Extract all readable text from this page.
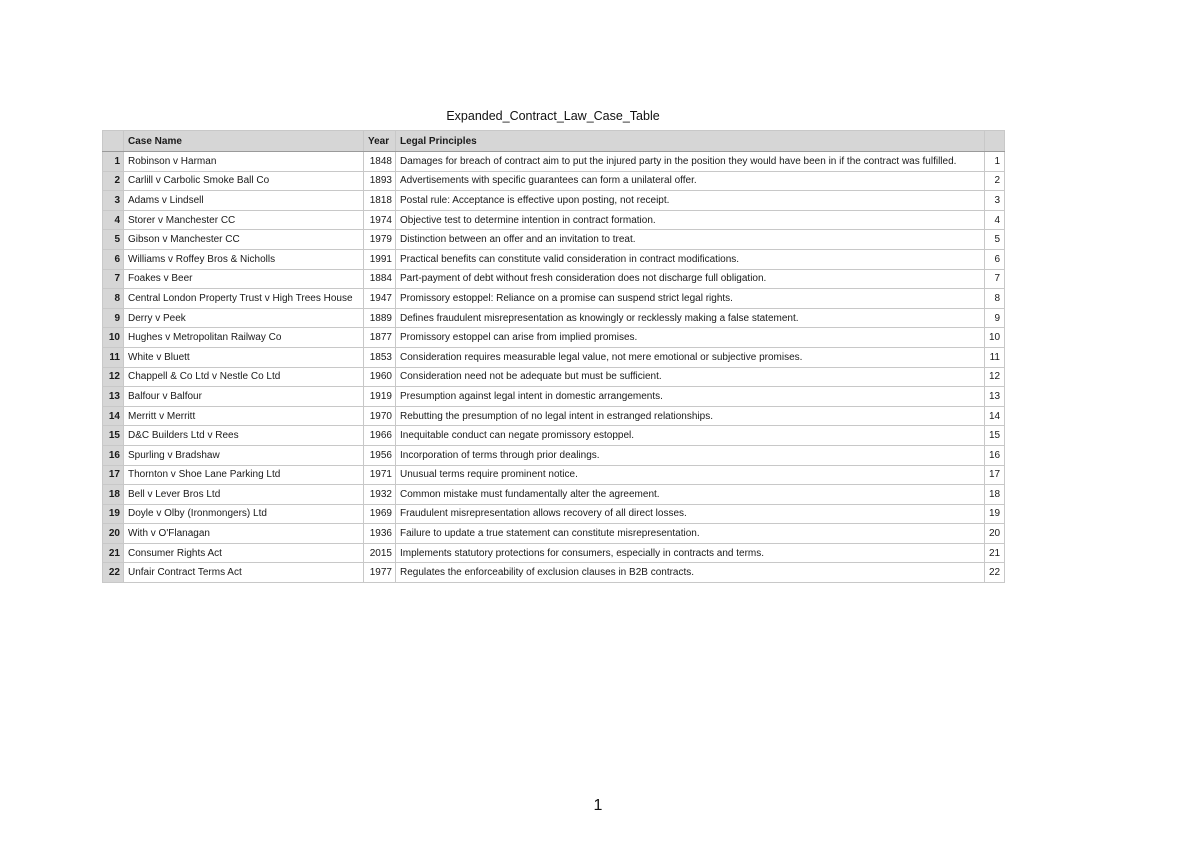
Expanded_Contract_Law_Case_Table
	Case Name	Year	Legal Principles	
1	Robinson v Harman	1848	Damages for breach of contract aim to put the injured party in the position they would have been in if the contract was fulfilled.	1
2	Carlill v Carbolic Smoke Ball Co	1893	Advertisements with specific guarantees can form a unilateral offer.	2
3	Adams v Lindsell	1818	Postal rule: Acceptance is effective upon posting, not receipt.	3
4	Storer v Manchester CC	1974	Objective test to determine intention in contract formation.	4
5	Gibson v Manchester CC	1979	Distinction between an offer and an invitation to treat.	5
6	Williams v Roffey Bros & Nicholls	1991	Practical benefits can constitute valid consideration in contract modifications.	6
7	Foakes v Beer	1884	Part-payment of debt without fresh consideration does not discharge full obligation.	7
8	Central London Property Trust v High Trees House	1947	Promissory estoppel: Reliance on a promise can suspend strict legal rights.	8
9	Derry v Peek	1889	Defines fraudulent misrepresentation as knowingly or recklessly making a false statement.	9
10	Hughes v Metropolitan Railway Co	1877	Promissory estoppel can arise from implied promises.	10
11	White v Bluett	1853	Consideration requires measurable legal value, not mere emotional or subjective promises.	11
12	Chappell & Co Ltd v Nestle Co Ltd	1960	Consideration need not be adequate but must be sufficient.	12
13	Balfour v Balfour	1919	Presumption against legal intent in domestic arrangements.	13
14	Merritt v Merritt	1970	Rebutting the presumption of no legal intent in estranged relationships.	14
15	D&C Builders Ltd v Rees	1966	Inequitable conduct can negate promissory estoppel.	15
16	Spurling v Bradshaw	1956	Incorporation of terms through prior dealings.	16
17	Thornton v Shoe Lane Parking Ltd	1971	Unusual terms require prominent notice.	17
18	Bell v Lever Bros Ltd	1932	Common mistake must fundamentally alter the agreement.	18
19	Doyle v Olby (Ironmongers) Ltd	1969	Fraudulent misrepresentation allows recovery of all direct losses.	19
20	With v O'Flanagan	1936	Failure to update a true statement can constitute misrepresentation.	20
21	Consumer Rights Act	2015	Implements statutory protections for consumers, especially in contracts and terms.	21
22	Unfair Contract Terms Act	1977	Regulates the enforceability of exclusion clauses in B2B contracts.	22
1
